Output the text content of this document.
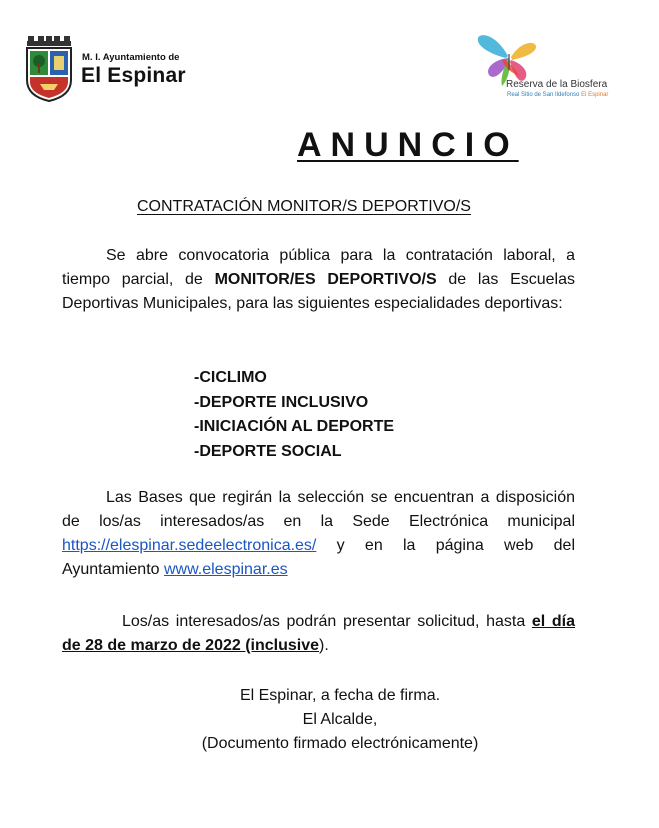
M. I. Ayuntamiento de
El Espinar	Reserva de la Biosfera
Real Sitio de San Ildefonso El Espinar
ANUNCIO
CONTRATACIÓN MONITOR/S DEPORTIVO/S
Se abre convocatoria pública para la contratación laboral, a tiempo parcial, de MONITOR/ES DEPORTIVO/S de las Escuelas Deportivas Municipales, para las siguientes especialidades deportivas:
-CICLIMO
-DEPORTE INCLUSIVO
-INICIACIÓN AL DEPORTE
-DEPORTE SOCIAL
Las Bases que regirán la selección se encuentran a disposición de los/as interesados/as en la Sede Electrónica municipal https://elespinar.sedeelectronica.es/ y en la página web del Ayuntamiento www.elespinar.es
Los/as interesados/as podrán presentar solicitud, hasta el día de 28 de marzo de 2022 (inclusive).
El Espinar, a fecha de firma.
El Alcalde,
(Documento firmado electrónicamente)
